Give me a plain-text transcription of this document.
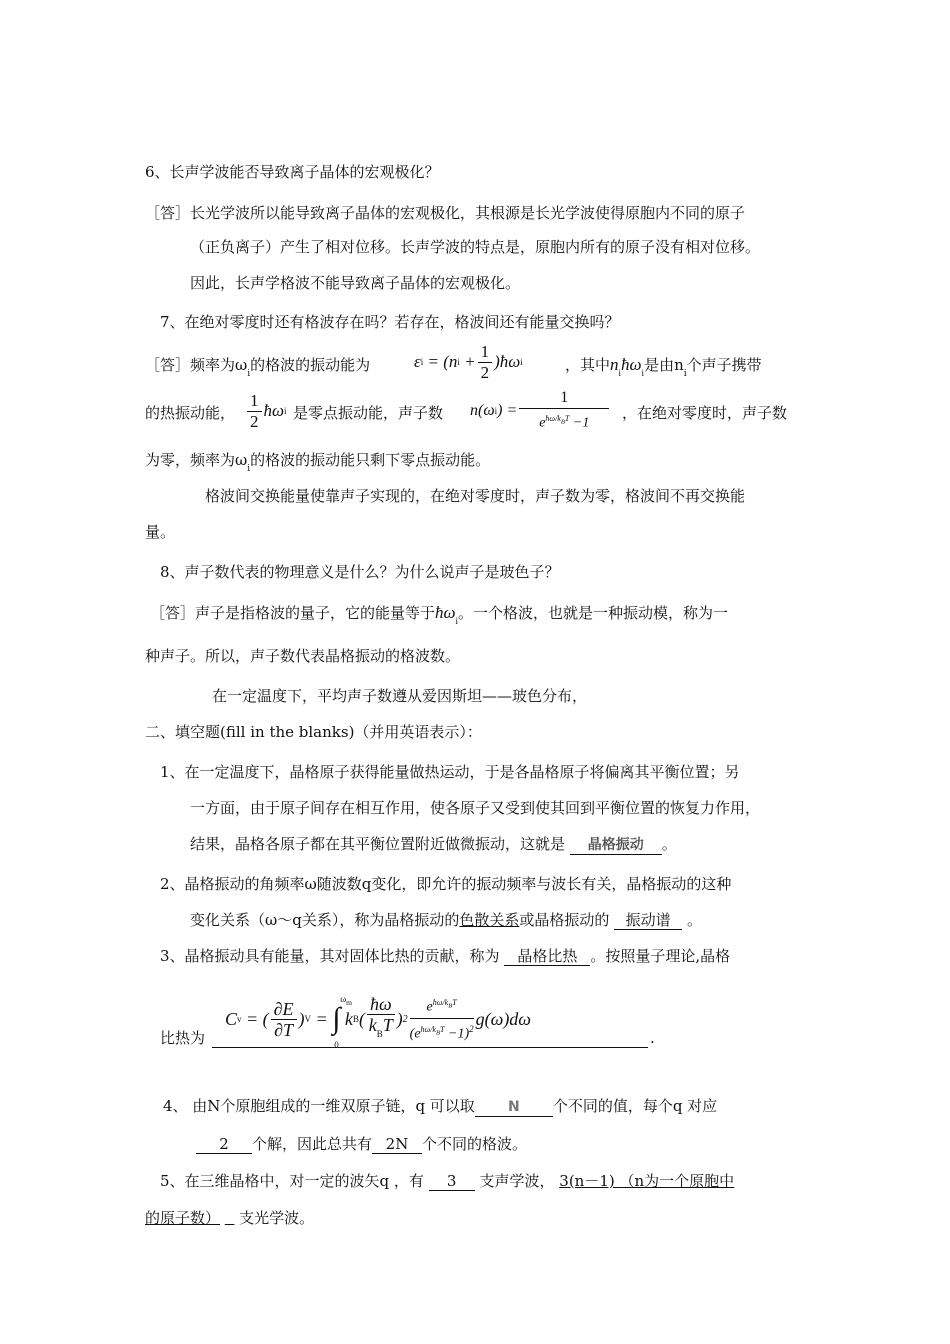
6、长声学波能否导致离子晶体的宏观极化？
［答］长光学波所以能导致离子晶体的宏观极化，其根源是长光学波使得原胞内不同的原子
（正负离子）产生了相对位移。长声学波的特点是，原胞内所有的原子没有相对位移。
因此，长声学格波不能导致离子晶体的宏观极化。
7、在绝对零度时还有格波存在吗？若存在，格波间还有能量交换吗？
［答］频率为$\omega_i$的格波的振动能为	ε i = (n $i + \frac{1}{2}$ )ħω i	，其中$n_iħ\omega_i$是由$n_i$个声子携带
的热振动能， $\frac{1}{2}$ ħω i 是零点振动能，声子数 n(ω i ) = $\frac{1}{e^{ħ\omega/k_BT} -1}$ ，在绝对零度时，声子数
为零，频率为$\omega_i$的格波的振动能只剩下零点振动能。
格波间交换能量使靠声子实现的，在绝对零度时，声子数为零，格波间不再交换能
量。
8、声子数代表的物理意义是什么？为什么说声子是玻色子？
［答］声子是指格波的量子，它的能量等于$ħ\omega_i$。一个格波，也就是一种振动模，称为一
种声子。所以，声子数代表晶格振动的格波数。
在一定温度下，平均声子数遵从爱因斯坦——玻色分布，
二、填空题(fill in the blanks)（并用英语表示）：
1、在一定温度下，晶格原子获得能量做热运动，于是各晶格原子将偏离其平衡位置；另
一方面，由于原子间存在相互作用，使各原子又受到使其回到平衡位置的恢复力作用，
结果，晶格各原子都在其平衡位置附近做微振动，这就是 晶格振动 。
2、晶格振动的角频率ω随波数q变化，即允许的振动频率与波长有关，晶格振动的这种
变化关系（ω～q关系），称为晶格振动的色散关系或晶格振动的 振动谱 。
3、晶格振动具有能量，其对固体比热的贡献，称为 晶格比热 。按照量子理论,晶格
比热为	.
C v = ( $\frac{\partial E}{\partial T}$ ) V = ∫
$\omega_m$
0
k B ( $\frac{ħ\omega}{k_BT}$ ) $2 \frac{e^{ħ\omega/k_BT}}{(e^{ħ\omega/k_BT} -1)^2} g(\omega)d\omega$
4、 由N个原胞组成的一维双原子链，q 可以取 N 个不同的值，每个q 对应
2 个解，因此总共有 2N 个不同的格波。
5、在三维晶格中，对一定的波矢q ，有 3 支声学波， 3(n－1) （n为一个原胞中
的原子数） 支光学波。
